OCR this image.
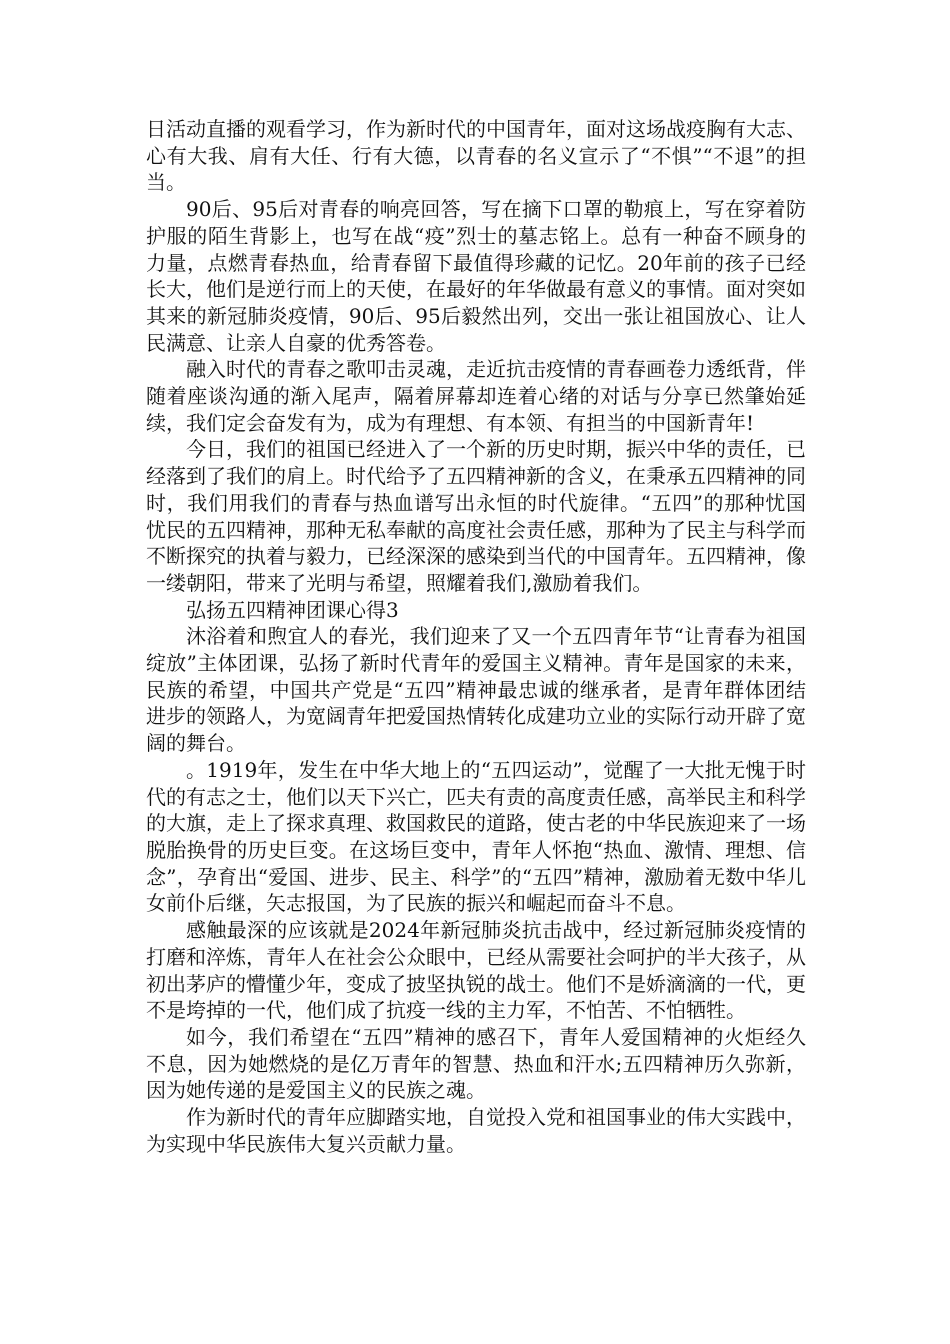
日活动直播的观看学习，作为新时代的中国青年，面对这场战疫胸有大志、心有大我、肩有大任、行有大德，以青春的名义宣示了“不惧”“不退”的担当。

90后、95后对青春的响亮回答，写在摘下口罩的勒痕上，写在穿着防护服的陌生背影上，也写在战“疫”烈士的墓志铭上。总有一种奋不顾身的力量，点燃青春热血，给青春留下最值得珍藏的记忆。20年前的孩子已经长大，他们是逆行而上的天使，在最好的年华做最有意义的事情。面对突如其来的新冠肺炎疫情，90后、95后毅然出列，交出一张让祖国放心、让人民满意、让亲人自豪的优秀答卷。

融入时代的青春之歌叩击灵魂，走近抗击疫情的青春画卷力透纸背，伴随着座谈沟通的渐入尾声，隔着屏幕却连着心绪的对话与分享已然肇始延续，我们定会奋发有为，成为有理想、有本领、有担当的中国新青年!

今日，我们的祖国已经进入了一个新的历史时期，振兴中华的责任，已经落到了我们的肩上。时代给予了五四精神新的含义，在秉承五四精神的同时，我们用我们的青春与热血谱写出永恒的时代旋律。“五四”的那种忧国忧民的五四精神，那种无私奉献的高度社会责任感，那种为了民主与科学而不断探究的执着与毅力，已经深深的感染到当代的中国青年。五四精神，像一缕朝阳，带来了光明与希望，照耀着我们,激励着我们。

弘扬五四精神团课心得3

沐浴着和煦宜人的春光，我们迎来了又一个五四青年节“让青春为祖国绽放”主体团课，弘扬了新时代青年的爱国主义精神。青年是国家的未来，民族的希望，中国共产党是“五四”精神最忠诚的继承者，是青年群体团结进步的领路人，为宽阔青年把爱国热情转化成建功立业的实际行动开辟了宽阔的舞台。

。1919年，发生在中华大地上的“五四运动”，觉醒了一大批无愧于时代的有志之士，他们以天下兴亡，匹夫有责的高度责任感，高举民主和科学的大旗，走上了探求真理、救国救民的道路，使古老的中华民族迎来了一场脱胎换骨的历史巨变。在这场巨变中，青年人怀抱“热血、激情、理想、信念”，孕育出“爱国、进步、民主、科学”的“五四”精神，激励着无数中华儿女前仆后继，矢志报国，为了民族的振兴和崛起而奋斗不息。

感触最深的应该就是2024年新冠肺炎抗击战中，经过新冠肺炎疫情的打磨和淬炼，青年人在社会公众眼中，已经从需要社会呵护的半大孩子，从初出茅庐的懵懂少年，变成了披坚执锐的战士。他们不是娇滴滴的一代，更不是垮掉的一代，他们成了抗疫一线的主力军，不怕苦、不怕牺牲。

如今，我们希望在“五四”精神的感召下，青年人爱国精神的火炬经久不息，因为她燃烧的是亿万青年的智慧、热血和汗水;五四精神历久弥新，因为她传递的是爱国主义的民族之魂。

作为新时代的青年应脚踏实地，自觉投入党和祖国事业的伟大实践中，为实现中华民族伟大复兴贡献力量。
